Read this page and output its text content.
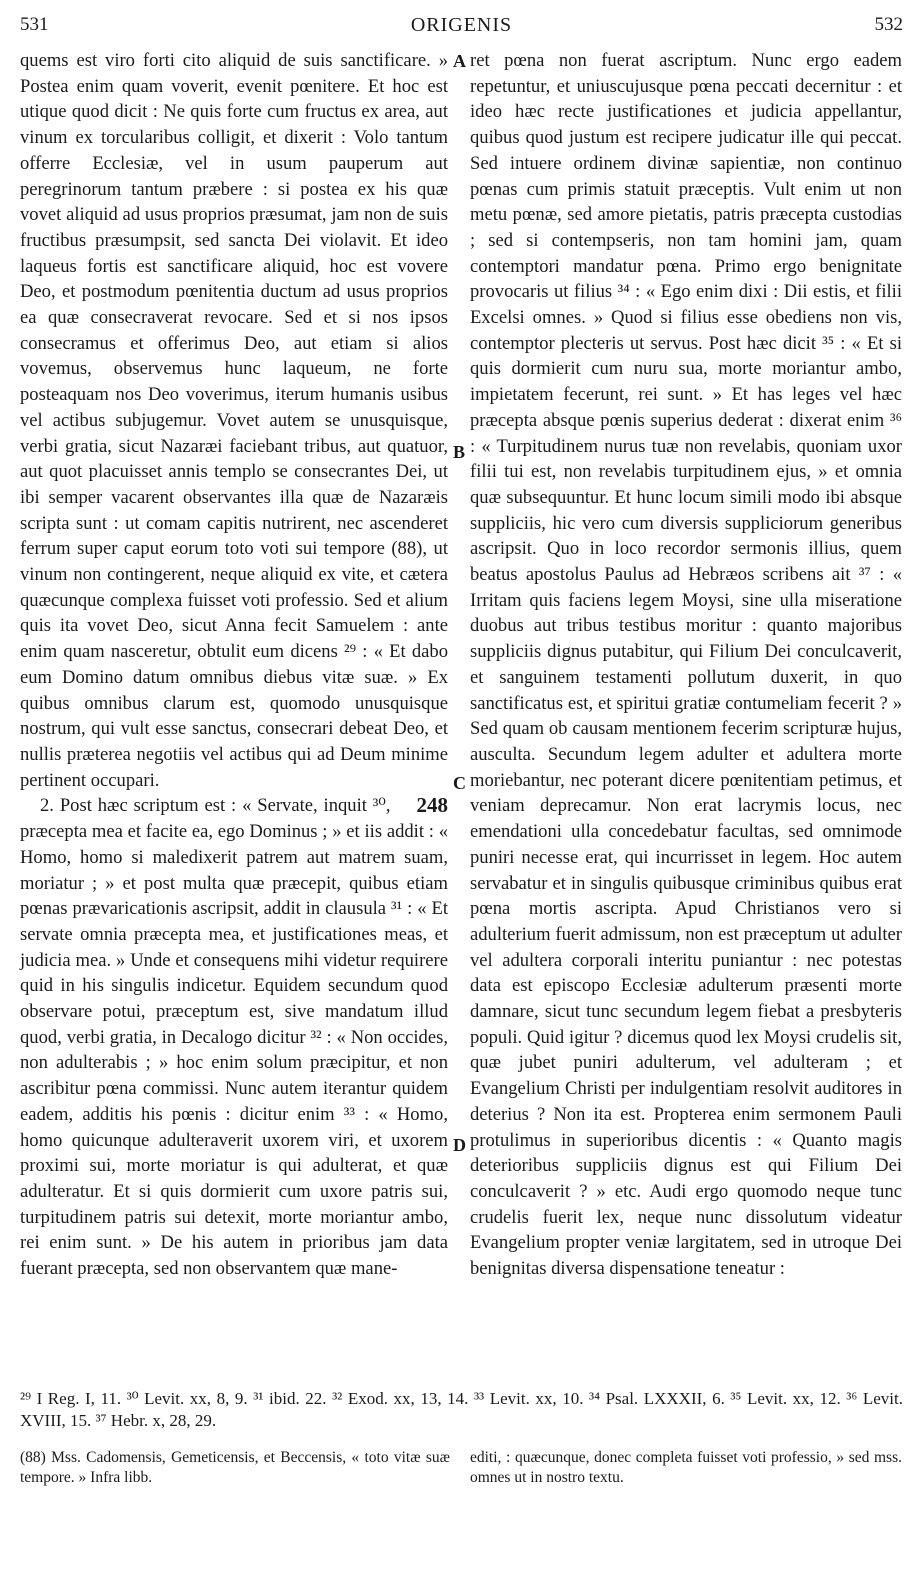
531	ORIGENIS	532

quems est viro forti cito aliquid de suis sanctificare. » Postea enim quam voverit, evenit pœnitere. Et hoc est utique quod dicit : Ne quis forte cum fructus ex area, aut vinum ex torcularibus colligit, et dixerit : Volo tantum offerre Ecclesiæ, vel in usum pauperum aut peregrinorum tantum præbere : si postea ex his quæ vovet aliquid ad usus proprios præsumat, jam non de suis fructibus præsumpsit, sed sancta Dei violavit. Et ideo laqueus fortis est sanctificare aliquid, hoc est vovere Deo, et postmodum pœnitentia ductum ad usus proprios ea quæ consecraverat revocare. Sed et si nos ipsos consecramus et offerimus Deo, aut etiam si alios vovemus, observemus hunc laqueum, ne forte posteaquam nos Deo voverimus, iterum humanis usibus vel actibus subjugemur. Vovet autem se unusquisque, verbi gratia, sicut Nazaræi faciebant tribus, aut quatuor, aut quot placuisset annis templo se consecrantes Dei, ut ibi semper vacarent observantes illa quæ de Nazaræis scripta sunt : ut comam capitis nutrirent, nec ascenderet ferrum super caput eorum toto voti sui tempore (88), ut vinum non contingerent, neque aliquid ex vite, et cætera quæcunque complexa fuisset voti professio. Sed et alium quis ita vovet Deo, sicut Anna fecit Samuelem : ante enim quam nasceretur, obtulit eum dicens ²⁹ : « Et dabo eum Domino datum omnibus diebus vitæ suæ. » Ex quibus omnibus clarum est, quomodo unusquisque nostrum, qui vult esse sanctus, consecrari debeat Deo, et nullis præterea negotiis vel actibus qui ad Deum minime pertinent occupari.

248
2. Post hæc scriptum est : « Servate, inquit ³⁰, præcepta mea et facite ea, ego Dominus ; » et iis addit : « Homo, homo si maledixerit patrem aut matrem suam, moriatur ; » et post multa quæ præcepit, quibus etiam pœnas prævaricationis ascripsit, addit in clausula ³¹ : « Et servate omnia præcepta mea, et justificationes meas, et judicia mea. » Unde et consequens mihi videtur requirere quid in his singulis indicetur. Equidem secundum quod observare potui, præceptum est, sive mandatum illud quod, verbi gratia, in Decalogo dicitur ³² : « Non occides, non adulterabis ; » hoc enim solum præcipitur, et non ascribitur pœna commissi. Nunc autem iterantur quidem eadem, additis his pœnis : dicitur enim ³³ : « Homo, homo quicunque adulteraverit uxorem viri, et uxorem proximi sui, morte moriatur is qui adulterat, et quæ adulteratur. Et si quis dormierit cum uxore patris sui, turpitudinem patris sui detexit, morte moriantur ambo, rei enim sunt. » De his autem in prioribus jam data fuerant præcepta, sed non observantem quæ mane-

A
B
C
D

ret pœna non fuerat ascriptum. Nunc ergo eadem repetuntur, et uniuscujusque pœna peccati decernitur : et ideo hæc recte justificationes et judicia appellantur, quibus quod justum est recipere judicatur ille qui peccat. Sed intuere ordinem divinæ sapientiæ, non continuo pœnas cum primis statuit præceptis. Vult enim ut non metu pœnæ, sed amore pietatis, patris præcepta custodias ; sed si contempseris, non tam homini jam, quam contemptori mandatur pœna. Primo ergo benignitate provocaris ut filius ³⁴ : « Ego enim dixi : Dii estis, et filii Excelsi omnes. » Quod si filius esse obediens non vis, contemptor plecteris ut servus. Post hæc dicit ³⁵ : « Et si quis dormierit cum nuru sua, morte moriantur ambo, impietatem fecerunt, rei sunt. » Et has leges vel hæc præcepta absque pœnis superius dederat : dixerat enim ³⁶ : « Turpitudinem nurus tuæ non revelabis, quoniam uxor filii tui est, non revelabis turpitudinem ejus, » et omnia quæ subsequuntur. Et hunc locum simili modo ibi absque suppliciis, hic vero cum diversis suppliciorum generibus ascripsit. Quo in loco recordor sermonis illius, quem beatus apostolus Paulus ad Hebræos scribens ait ³⁷ : « Irritam quis faciens legem Moysi, sine ulla miseratione duobus aut tribus testibus moritur : quanto majoribus suppliciis dignus putabitur, qui Filium Dei conculcaverit, et sanguinem testamenti pollutum duxerit, in quo sanctificatus est, et spiritui gratiæ contumeliam fecerit ? » Sed quam ob causam mentionem fecerim scripturæ hujus, ausculta. Secundum legem adulter et adultera morte moriebantur, nec poterant dicere pœnitentiam petimus, et veniam deprecamur. Non erat lacrymis locus, nec emendationi ulla concedebatur facultas, sed omnimode puniri necesse erat, qui incurrisset in legem. Hoc autem servabatur et in singulis quibusque criminibus quibus erat pœna mortis ascripta. Apud Christianos vero si adulterium fuerit admissum, non est præceptum ut adulter vel adultera corporali interitu puniantur : nec potestas data est episcopo Ecclesiæ adulterum præsenti morte damnare, sicut tunc secundum legem fiebat a presbyteris populi. Quid igitur ? dicemus quod lex Moysi crudelis sit, quæ jubet puniri adulterum, vel adulteram ; et Evangelium Christi per indulgentiam resolvit auditores in deterius ? Non ita est. Propterea enim sermonem Pauli protulimus in superioribus dicentis : « Quanto magis deterioribus suppliciis dignus est qui Filium Dei conculcaverit ? » etc. Audi ergo quomodo neque tunc crudelis fuerit lex, neque nunc dissolutum videatur Evangelium propter veniæ largitatem, sed in utroque Dei benignitas diversa dispensatione teneatur :

²⁹ I Reg. I, 11. ³⁰ Levit. xx, 8, 9. ³¹ ibid. 22. ³² Exod. xx, 13, 14. ³³ Levit. xx, 10. ³⁴ Psal. LXXXII, 6. ³⁵ Levit. xx, 12. ³⁶ Levit. XVIII, 15. ³⁷ Hebr. x, 28, 29.
(88) Mss. Cadomensis, Gemeticensis, et Beccensis, « toto vitæ suæ tempore. » Infra libb.
editi, : quæcunque, donec completa fuisset voti professio, » sed mss. omnes ut in nostro textu.
